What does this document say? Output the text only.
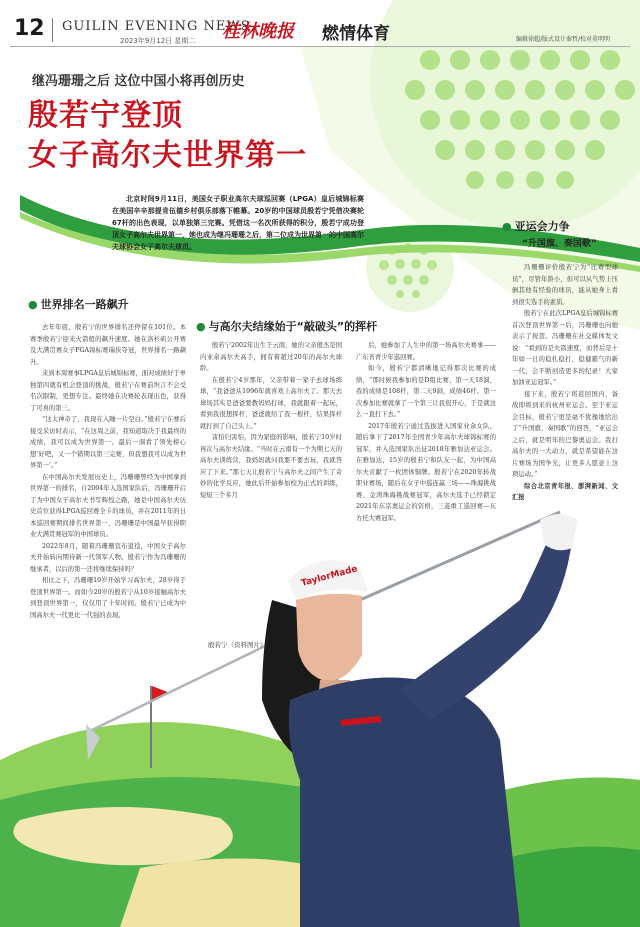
TaylorMade
12 GUILIN EVENING NEWS
2023年9月12日 星期二 桂林晚报 燃情体育	编辑徐超/版式设计秦哲/校对莫明明
继冯珊珊之后 这位中国小将再创历史
殷若宁登顶
女子高尔夫世界第一

北京时间9月11日，美国女子职业高尔夫球巡回赛（LPGA）皇后城锦标赛在美国辛辛那提肯伍德乡村俱乐部落下帷幕。20岁的中国球员殷若宁凭借决赛轮67杆的出色表现，以单独第三完赛。凭借这一名次所获得的积分，殷若宁成功登顶女子高尔夫世界第一，她也成为继冯珊珊之后，第二位成为世界第一的中国高尔夫球协会女子高尔夫球员。

● 世界排名一路飙升
● 与高尔夫结缘始于“敲破头”的挥杆
● 亚运会力争
“升国旗、奏国歌”

去年年底，殷若宁的世界排名还停留在101位。本赛季殷若宁迎来火箭般的飙升速度。她在洛杉矶公开赛及大满贯赛女子PGA锦标赛瑞侠夺冠，世界排名一路飙升。

来到本周赛事LPGA皇后城锦标赛，面对成绩好于单独第四就有机会登顶的挑战，殷若宁在赛前坦言不会受名次限制，更想专注。最终她在决赛轮表现出色，获得了可喜的第三。

“这太神奇了，我现在入睡一片空白。”殷若宁在赛后接受采访时表示，“在这周之前，我知道取决于我最终的成绩，我可以成为世界第一。最后一洞看了领先榜心想‘好吧，又一个错期以第三完赛，但我想我可以成为世界第一’。”

在中国高尔夫发展历史上，冯珊珊曾经为中国拿到世界第一的排名，自2004年入选国家队后，冯珊珊开启了为中国女子高尔夫书写辉煌之路，她是中国高尔夫历史首位获得LPGA巡回赛全卡的球员，并在2011年的日本巡回赛期间排名世界第一，冯珊珊是中国最早获得职业大满贯赛冠军的中国球员。

2022年8月，随着冯珊珊宣布退役，中国女子高尔夫开始转向期待新一代领军人物。殷若宁作为冯珊珊的继承者，以后的第一还将继续保持吗？

相比之下，冯珊珊10岁开始学习高尔夫，28岁得于登顶世界第一。而如今20岁的殷若宁从10岁接触高尔夫到登顶世界第一，仅仅用了十年时间。殷若宁已成为中国高尔夫一代更比一代强的表现。

殷若宁2002年出生于云南，她的父亲殷杰是国内业余高尔夫高手，拥有着超过20年的高尔夫球龄。

在殷若宁4岁那年，父亲带着一家子去球场练球，“我爸爸从1996年就喜欢上高尔夫了。那天去球场其实是爸爸要教妈妈打球，我就跟着一起玩，看到我很想挥杆，爸爸就给了我一根杆，结果挥杆就打到了自己头上。”

害怕归害怕，因为家庭的影响，殷若宁10岁时再次与高尔夫结缘。“当时在云南有一个为期七天的高尔夫训练营，我妈妈就问我要不要去玩，我就答应了下来。”那七天让殷若宁与高尔夫之间产生了奇妙的化学反应，她此后开始参加校为正式的训练，短短三个多月

后，她参加了人生中的第一场高尔夫赛事——广东省青少年巡回赛。

如今，殷若宁都清晰地记得那次比赛的成绩，“那时候我参加的是D组比赛，第一天18洞，我的成绩是108杆，第二天9洞，成绩46杆。第一次参加比赛就拿了一个第三让我很开心，于是就这么一直打下去。”

2017年殷若宁通过选拔进入国家业余女队，随后拿下了2017年全国青少年高尔夫球锦标赛的冠军，并入选国家队出征2018年雅加达亚运会。在雅加达，15岁的殷若宁和队友一起，为中国高尔夫贡献了一枚团体铜牌。殷若宁在2020年转战职业赛场，随后在女子中巡连赢三场——珠海挑战赛、金湾珠海挑战赛冠军，高尔夫选手已经锁定2021年东京奥运会的资格，三菱重工巡回赛—东方托大赛冠军。

殷若宁（资料图片）

冯珊珊评价殷若宁为“比赛型球员”，尽管年龄小，但可以从气势上压倒其他有经验的球员，能从她身上看到很尖选手的素质。

殷若宁在此次LPGA皇后城锦标赛首次登顶世界第一后，冯珊珊也向她表示了祝贺。冯珊珊在社交媒体发文说：“看到的是火箭速度，而背后是十年如一日的稳扎稳打，稳健霸气的新一代，会不断创造更多的纪录！大家加油亚运冠军。”

接下来，殷若宁将返回国内，备战即将到来的杭州亚运会。至于亚运会目标，殷若宁更是毫不犹豫地给出了“升国旗、奏国歌”的回答，“亚运会之后，就是明年的巴黎奥运会。我打高尔夫的一大动力，就是希望能在这片赛场为国争光，让更多人愿意上这项运动。”

综合北京青年报、澎湃新闻、文汇报
